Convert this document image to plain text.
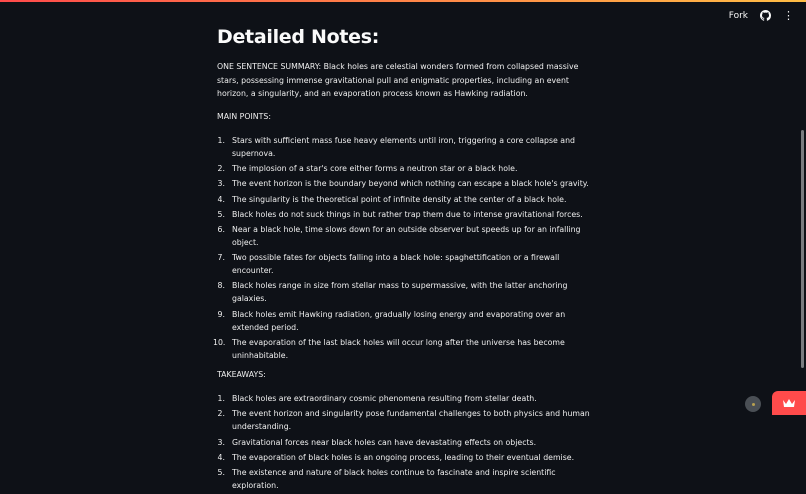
Fork	⋮
Detailed Notes:

ONE SENTENCE SUMMARY: Black holes are celestial wonders formed from collapsed massive stars, possessing immense gravitational pull and enigmatic properties, including an event horizon, a singularity, and an evaporation process known as Hawking radiation.

MAIN POINTS:

1. Stars with sufficient mass fuse heavy elements until iron, triggering a core collapse and supernova.
2. The implosion of a star's core either forms a neutron star or a black hole.
3. The event horizon is the boundary beyond which nothing can escape a black hole's gravity.
4. The singularity is the theoretical point of infinite density at the center of a black hole.
5. Black holes do not suck things in but rather trap them due to intense gravitational forces.
6. Near a black hole, time slows down for an outside observer but speeds up for an infalling object.
7. Two possible fates for objects falling into a black hole: spaghettification or a firewall encounter.
8. Black holes range in size from stellar mass to supermassive, with the latter anchoring galaxies.
9. Black holes emit Hawking radiation, gradually losing energy and evaporating over an extended period.
10. The evaporation of the last black holes will occur long after the universe has become uninhabitable.

TAKEAWAYS:

1. Black holes are extraordinary cosmic phenomena resulting from stellar death.
2. The event horizon and singularity pose fundamental challenges to both physics and human understanding.
3. Gravitational forces near black holes can have devastating effects on objects.
4. The evaporation of black holes is an ongoing process, leading to their eventual demise.
5. The existence and nature of black holes continue to fascinate and inspire scientific exploration.
